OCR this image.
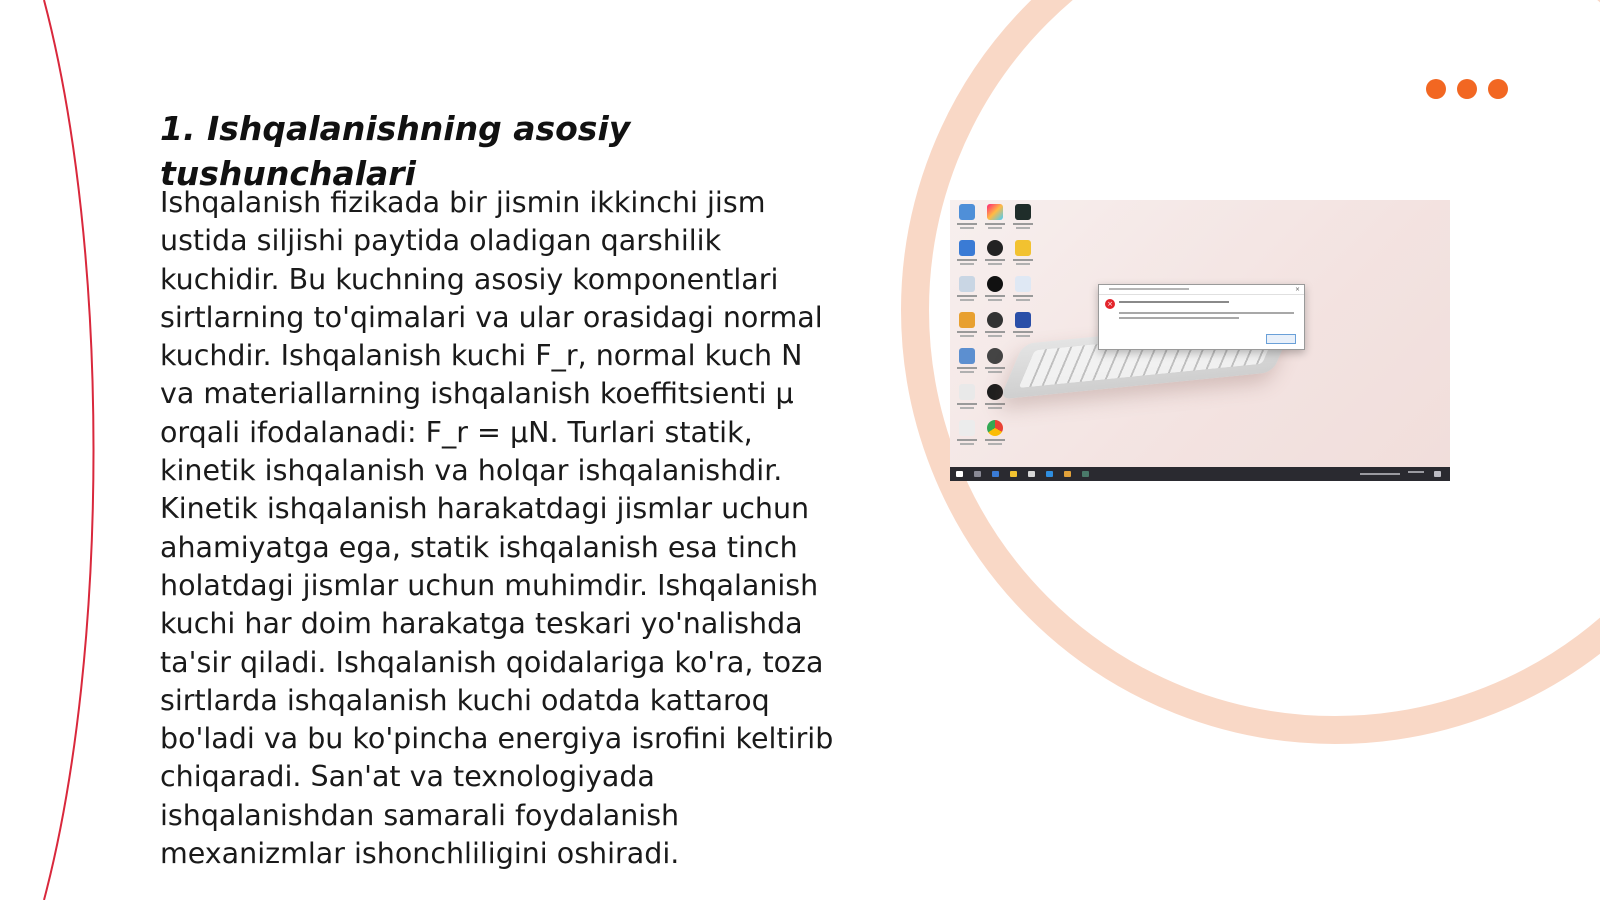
1. Ishqalanishning asosiy tushunchalari

Ishqalanish fizikada bir jismin ikkinchi jism ustida siljishi paytida oladigan qarshilik kuchidir. Bu kuchning asosiy komponentlari sirtlarning to'qimalari va ular orasidagi normal kuchdir. Ishqalanish kuchi F_r, normal kuch N va materiallarning ishqalanish koeffitsienti μ orqali ifodalanadi: F_r = μN. Turlari statik, kinetik ishqalanish va holqar ishqalanishdir. Kinetik ishqalanish harakatdagi jismlar uchun ahamiyatga ega, statik ishqalanish esa tinch holatdagi jismlar uchun muhimdir. Ishqalanish kuchi har doim harakatga teskari yo'nalishda ta'sir qiladi. Ishqalanish qoidalariga ko'ra, toza sirtlarda ishqalanish kuchi odatda kattaroq bo'ladi va bu ko'pincha energiya isrofini keltirib chiqaradi. San'at va texnologiyada ishqalanishdan samarali foydalanish mexanizmlar ishonchliligini oshiradi.

×
×
